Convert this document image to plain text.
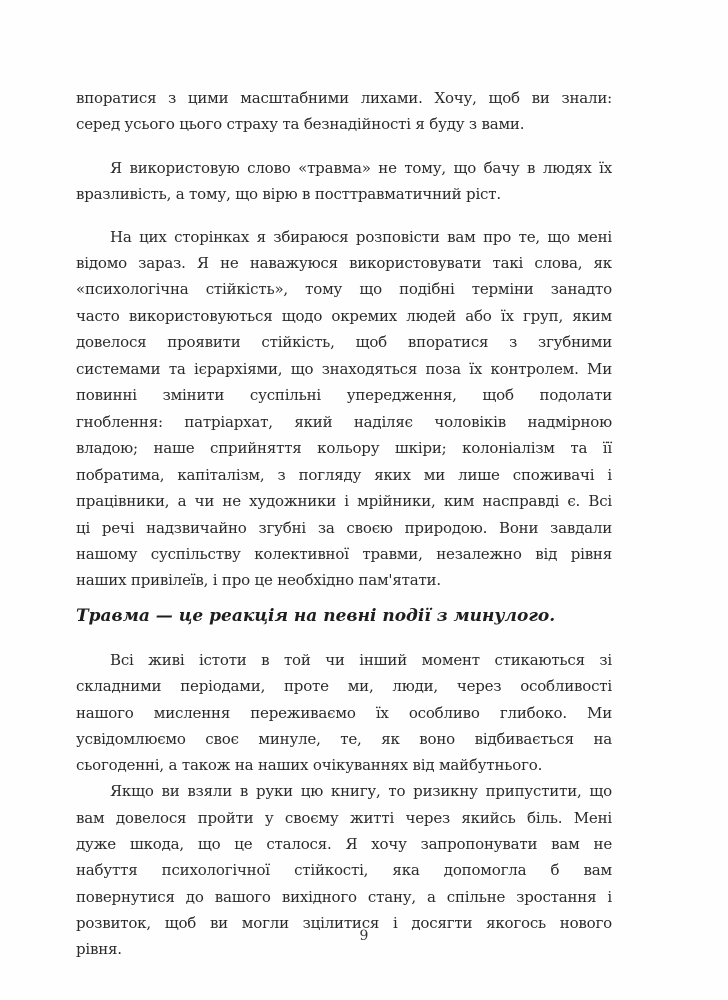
впоратися з цими масштабними лихами. Хочу, щоб ви знали:
серед усього цього страху та безнадійності я буду з вами.
Я використовую слово «травма» не тому, що бачу в людях їх
вразливість, а тому, що вірю в посттравматичний ріст.
На цих сторінках я збираюся розповісти вам про те, що мені
відомо зараз. Я не наважуюся використовувати такі слова, як
«психологічна стійкість», тому що подібні терміни занадто
часто використовуються щодо окремих людей або їх груп, яким
довелося проявити стійкість, щоб впоратися з згубними
системами та ієрархіями, що знаходяться поза їх контролем. Ми
повинні змінити суспільні упередження, щоб подолати
гноблення: патріархат, який наділяє чоловіків надмірною
владою; наше сприйняття кольору шкіри; колоніалізм та її
побратима, капіталізм, з погляду яких ми лише споживачі і
працівники, а чи не художники і мрійники, ким насправді є. Всі
ці речі надзвичайно згубні за своєю природою. Вони завдали
нашому суспільству колективної травми, незалежно від рівня
наших привілеїв, і про це необхідно пам'ятати.
Травма — це реакція на певні події з минулого.
Всі живі істоти в той чи інший момент стикаються зі
складними періодами, проте ми, люди, через особливості
нашого мислення переживаємо їх особливо глибоко. Ми
усвідомлюємо своє минуле, те, як воно відбивається на
сьогоденні, а також на наших очікуваннях від майбутнього.
Якщо ви взяли в руки цю книгу, то ризикну припустити, що
вам довелося пройти у своєму житті через якийсь біль. Мені
дуже шкода, що це сталося. Я хочу запропонувати вам не
набуття психологічної стійкості, яка допомогла б вам
повернутися до вашого вихідного стану, а спільне зростання і
розвиток, щоб ви могли зцілитися і досягти якогось нового
рівня.
9
